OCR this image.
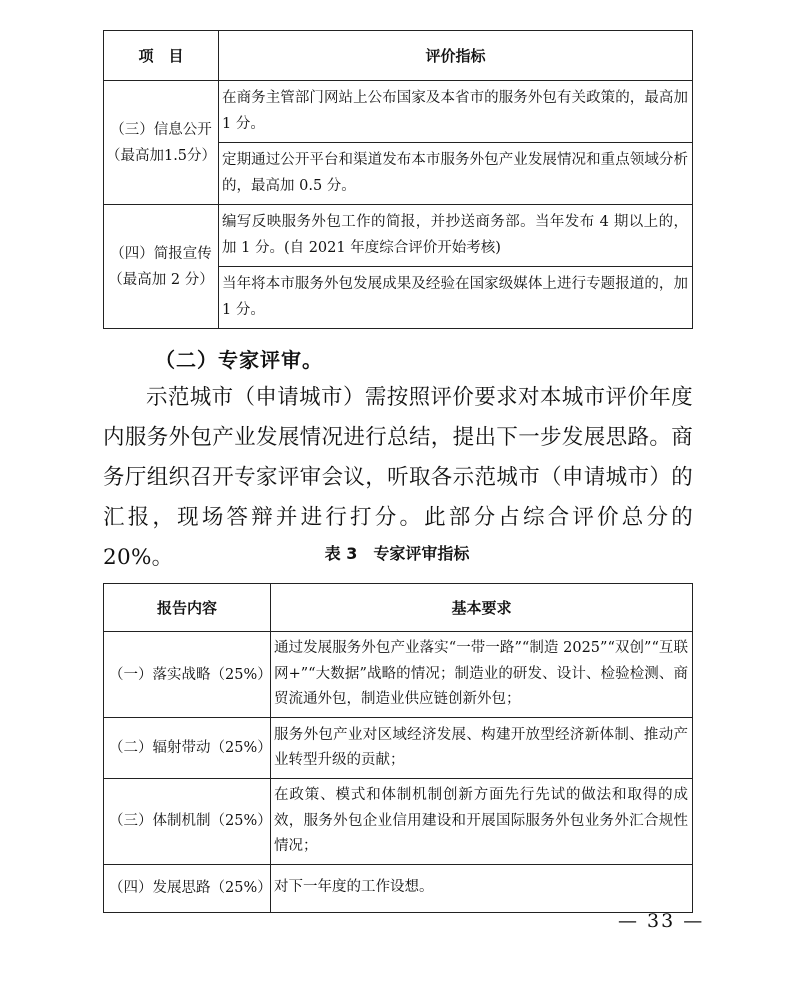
项　目	评价指标

（三）信息公开
（最高加1.5分）	在商务主管部门网站上公布国家及本省市的服务外包有关政策的，最高加 1 分。
	定期通过公开平台和渠道发布本市服务外包产业发展情况和重点领域分析的，最高加 0.5 分。

（四）简报宣传
（最高加 2 分）	编写反映服务外包工作的简报，并抄送商务部。当年发布 4 期以上的，加 1 分。(自 2021 年度综合评价开始考核)
	当年将本市服务外包发展成果及经验在国家级媒体上进行专题报道的，加 1 分。
（二）专家评审。
示范城市（申请城市）需按照评价要求对本城市评价年度内服务外包产业发展情况进行总结，提出下一步发展思路。商务厅组织召开专家评审会议，听取各示范城市（申请城市）的汇报，现场答辩并进行打分。此部分占综合评价总分的 20%。	表 3　专家评审指标
报告内容	基本要求
（一）落实战略（25%）	通过发展服务外包产业落实“一带一路”“制造 2025”“双创”“互联网+”“大数据”战略的情况；制造业的研发、设计、检验检测、商贸流通外包，制造业供应链创新外包；
（二）辐射带动（25%）	服务外包产业对区域经济发展、构建开放型经济新体制、推动产业转型升级的贡献；
（三）体制机制（25%）	在政策、模式和体制机制创新方面先行先试的做法和取得的成效，服务外包企业信用建设和开展国际服务外包业务外汇合规性情况；
（四）发展思路（25%）	对下一年度的工作设想。
— 33 —
